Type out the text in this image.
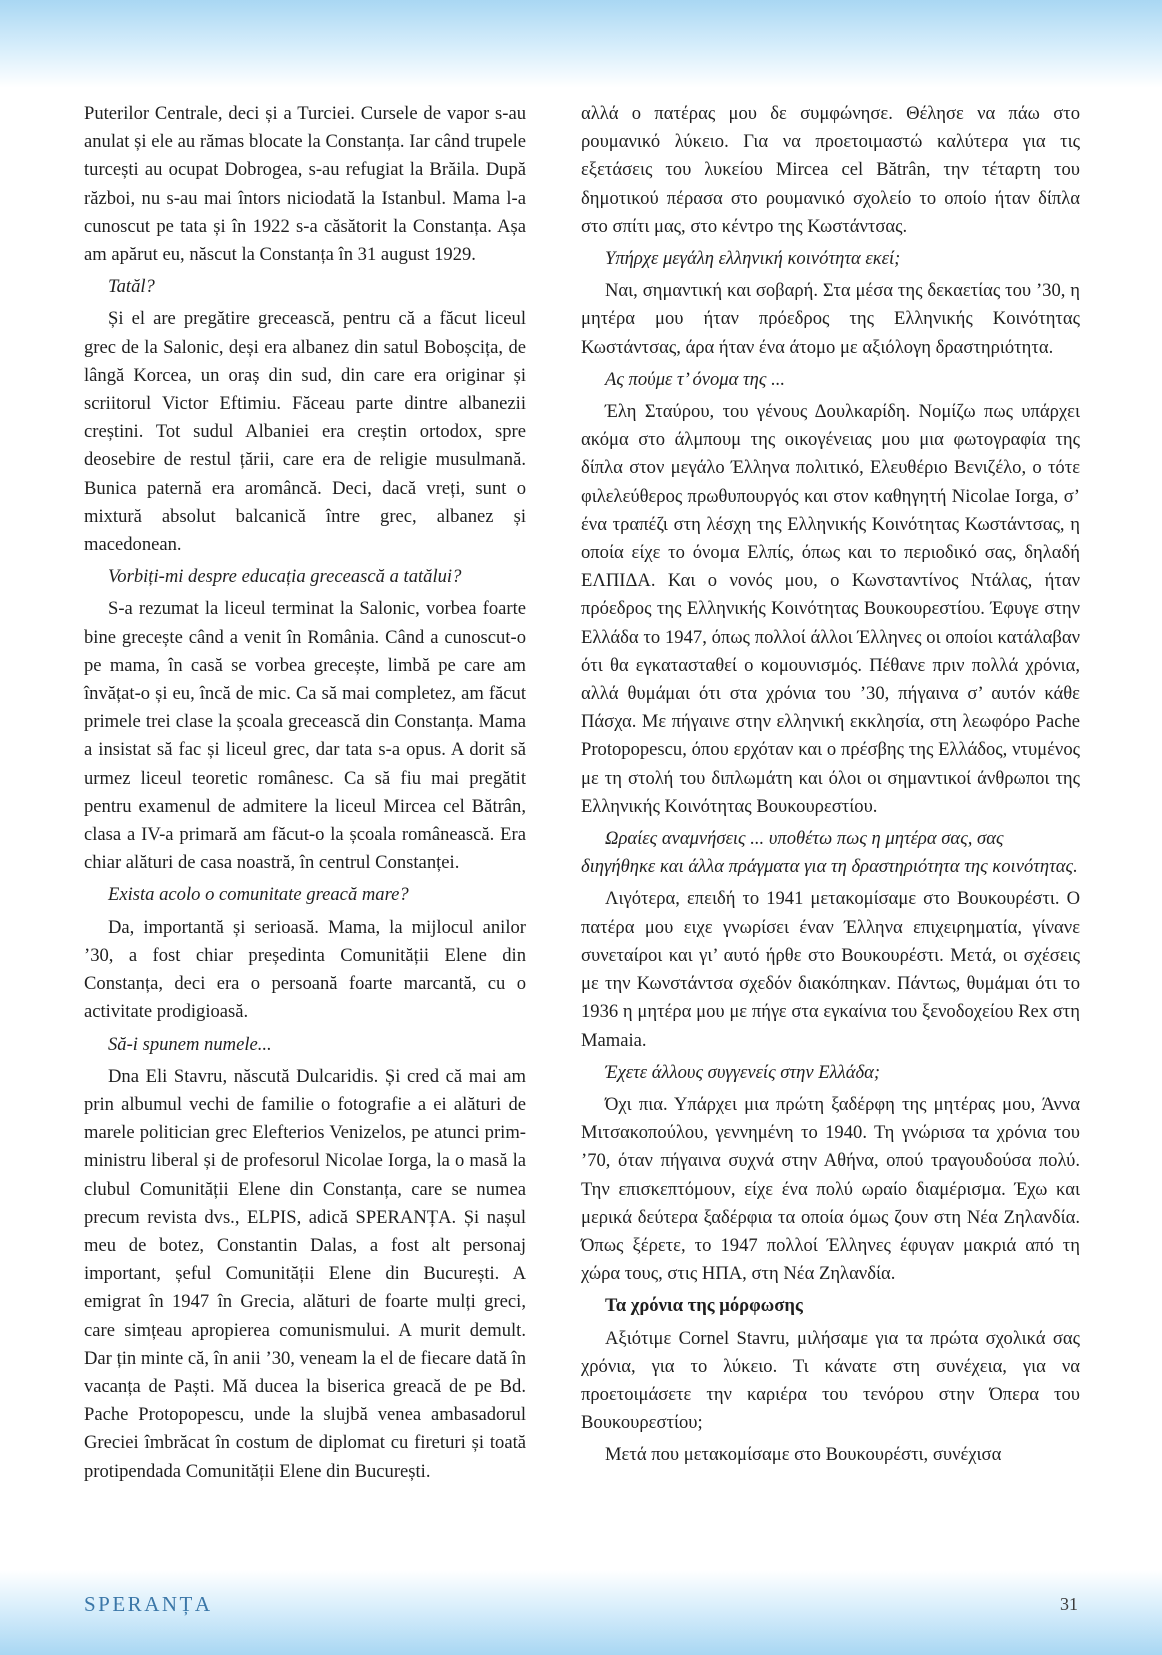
Puterilor Centrale, deci și a Turciei. Cursele de vapor s-au anulat și ele au rămas blocate la Constanța. Iar când trupele turcești au ocupat Dobrogea, s-au refugiat la Brăila. După război, nu s-au mai întors niciodată la Istanbul. Mama l-a cunoscut pe tata și în 1922 s-a căsătorit la Constanța. Așa am apărut eu, născut la Constanța în 31 august 1929.

Tatăl?

Și el are pregătire grecească, pentru că a făcut liceul grec de la Salonic, deși era albanez din satul Boboșcița, de lângă Korcea, un oraș din sud, din care era originar și scriitorul Victor Eftimiu. Făceau parte dintre albanezii creștini. Tot sudul Albaniei era creștin ortodox, spre deosebire de restul țării, care era de religie musulmană. Bunica paternă era aromâncă. Deci, dacă vreți, sunt o mixtură absolut balcanică între grec, albanez și macedonean.

Vorbiți-mi despre educația grecească a tatălui?

S-a rezumat la liceul terminat la Salonic, vorbea foarte bine grecește când a venit în România. Când a cunoscut-o pe mama, în casă se vorbea grecește, limbă pe care am învățat-o și eu, încă de mic. Ca să mai completez, am făcut primele trei clase la școala grecească din Constanța. Mama a insistat să fac și liceul grec, dar tata s-a opus. A dorit să urmez liceul teoretic românesc. Ca să fiu mai pregătit pentru examenul de admitere la liceul Mircea cel Bătrân, clasa a IV-a primară am făcut-o la școala românească. Era chiar alături de casa noastră, în centrul Constanței.

Exista acolo o comunitate greacă mare?

Da, importantă și serioasă. Mama, la mijlocul anilor ’30, a fost chiar președinta Comunității Elene din Constanța, deci era o persoană foarte marcantă, cu o activitate prodigioasă.

Să-i spunem numele...

Dna Eli Stavru, născută Dulcaridis. Și cred că mai am prin albumul vechi de familie o fotografie a ei alături de marele politician grec Elefterios Venizelos, pe atunci prim-ministru liberal și de profesorul Nicolae Iorga, la o masă la clubul Comunității Elene din Constanța, care se numea precum revista dvs., ELPIS, adică SPERANȚA. Și nașul meu de botez, Constantin Dalas, a fost alt personaj important, șeful Comunității Elene din București. A emigrat în 1947 în Grecia, alături de foarte mulți greci, care simțeau apropierea comunismului. A murit demult. Dar țin minte că, în anii ’30, veneam la el de fiecare dată în vacanța de Paști. Mă ducea la biserica greacă de pe Bd. Pache Protopopescu, unde la slujbă venea ambasadorul Greciei îmbrăcat în costum de diplomat cu fireturi și toată protipendada Comunității Elene din București.

αλλά ο πατέρας μου δε συμφώνησε. Θέλησε να πάω στο ρουμανικό λύκειο. Για να προετοιμαστώ καλύτερα για τις εξετάσεις του λυκείου Mircea cel Bătrân, την τέταρτη του δημοτικού πέρασα στο ρουμανικό σχολείο το οποίο ήταν δίπλα στο σπίτι μας, στο κέντρο της Κωστάντσας.

Υπήρχε μεγάλη ελληνική κοινότητα εκεί;

Ναι, σημαντική και σοβαρή. Στα μέσα της δεκαετίας του ’30, η μητέρα μου ήταν πρόεδρος της Ελληνικής Κοινότητας Κωστάντσας, άρα ήταν ένα άτομο με αξιόλογη δραστηριότητα.

Ας πούμε τ’ όνομα της ...

Έλη Σταύρου, του γένους Δουλκαρίδη. Νομίζω πως υπάρχει ακόμα στο άλμπουμ της οικογένειας μου μια φωτογραφία της δίπλα στον μεγάλο Έλληνα πολιτικό, Ελευθέριο Βενιζέλο, ο τότε φιλελεύθερος πρωθυπουργός και στον καθηγητή Nicolae Iorga, σ’ ένα τραπέζι στη λέσχη της Ελληνικής Κοινότητας Κωστάντσας, η οποία είχε το όνομα Ελπίς, όπως και το περιοδικό σας, δηλαδή ΕΛΠΙΔΑ. Και ο νονός μου, ο Κωνσταντίνος Ντάλας, ήταν πρόεδρος της Ελληνικής Κοινότητας Βουκουρεστίου. Έφυγε στην Ελλάδα το 1947, όπως πολλοί άλλοι Έλληνες οι οποίοι κατάλαβαν ότι θα εγκατασταθεί ο κομουνισμός. Πέθανε πριν πολλά χρόνια, αλλά θυμάμαι ότι στα χρόνια του ’30, πήγαινα σ’ αυτόν κάθε Πάσχα. Με πήγαινε στην ελληνική εκκλησία, στη λεωφόρο Pache Protopopescu, όπου ερχόταν και ο πρέσβης της Ελλάδος, ντυμένος με τη στολή του διπλωμάτη και όλοι οι σημαντικοί άνθρωποι της Ελληνικής Κοινότητας Βουκουρεστίου.

Ωραίες αναμνήσεις ... υποθέτω πως η μητέρα σας, σας διηγήθηκε και άλλα πράγματα για τη δραστηριότητα της κοινότητας.

Λιγότερα, επειδή το 1941 μετακομίσαμε στο Βουκουρέστι. Ο πατέρα μου ειχε γνωρίσει έναν Έλληνα επιχειρηματία, γίνανε συνεταίροι και γι’ αυτό ήρθε στο Βουκουρέστι. Μετά, οι σχέσεις με την Κωνστάντσα σχεδόν διακόπηκαν. Πάντως, θυμάμαι ότι το 1936 η μητέρα μου με πήγε στα εγκαίνια του ξενοδοχείου Rex στη Mamaia.

Έχετε άλλους συγγενείς στην Ελλάδα;

Όχι πια. Υπάρχει μια πρώτη ξαδέρφη της μητέρας μου, Άννα Μιτσακοπούλου, γεννημένη το 1940. Τη γνώρισα τα χρόνια του ’70, όταν πήγαινα συχνά στην Αθήνα, οπού τραγουδούσα πολύ. Την επισκεπτόμουν, είχε ένα πολύ ωραίο διαμέρισμα. Έχω και μερικά δεύτερα ξαδέρφια τα οποία όμως ζουν στη Νέα Ζηλανδία. Όπως ξέρετε, το 1947 πολλοί Έλληνες έφυγαν μακριά από τη χώρα τους, στις ΗΠΑ, στη Νέα Ζηλανδία.

Τα χρόνια της μόρφωσης

Αξιότιμε Cornel Stavru, μιλήσαμε για τα πρώτα σχολικά σας χρόνια, για το λύκειο. Τι κάνατε στη συνέχεια, για να προετοιμάσετε την καριέρα του τενόρου στην Όπερα του Βουκουρεστίου;

Μετά που μετακομίσαμε στο Βουκουρέστι, συνέχισα

SPERANȚA	31
